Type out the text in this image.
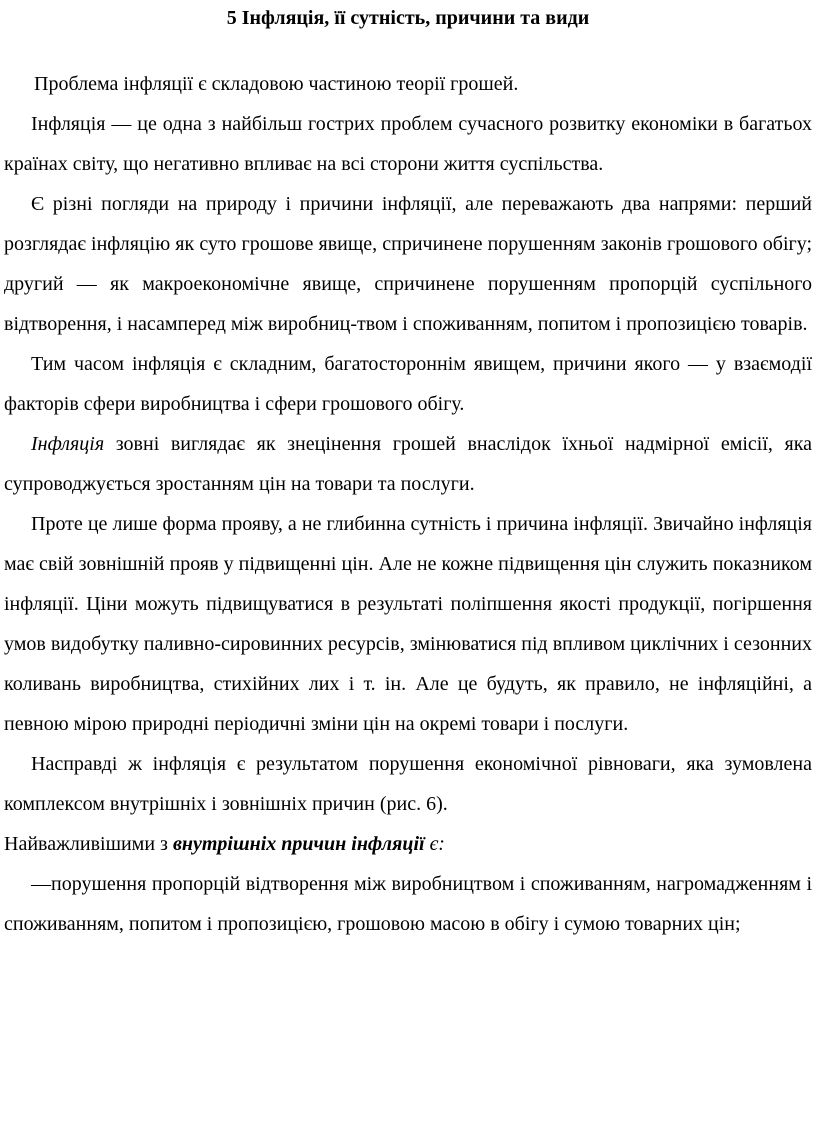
5 Інфляція, її сутність, причини та види

Проблема інфляції є складовою частиною теорії грошей.

Інфляція — це одна з найбільш гострих проблем сучасного розвитку економіки в багатьох країнах світу, що негативно впливає на всі сторони життя суспільства.

Є різні погляди на природу і причини інфляції, але переважають два напрями: перший розглядає інфляцію як суто грошове явище, спричинене порушенням законів грошового обігу; другий — як макроекономічне явище, спричинене порушенням пропорцій суспільного відтворення, і насамперед між виробниц-твом і споживанням, попитом і пропозицією товарів.

Тим часом інфляція є складним, багатостороннім явищем, причини якого — у взаємодії факторів сфери виробництва і сфери грошового обігу.

Інфляція зовні виглядає як знецінення грошей внаслідок їхньої надмірної емісії, яка супроводжується зростанням цін на товари та послуги.

Проте це лише форма прояву, а не глибинна сутність і причина інфляції. Звичайно інфляція має свій зовнішній прояв у підвищенні цін. Але не кожне підвищення цін служить показником інфляції. Ціни можуть підвищуватися в результаті поліпшення якості продукції, погіршення умов видобутку паливно-сировинних ресурсів, змінюватися під впливом циклічних і сезонних коливань виробництва, стихійних лих і т. ін. Але це будуть, як правило, не інфляційні, а певною мірою природні періодичні зміни цін на окремі товари і послуги.

Насправді ж інфляція є результатом порушення економічної рівноваги, яка зумовлена комплексом внутрішніх і зовнішніх причин (рис. 6).

Найважливішими з внутрішніх причин інфляції є:

—порушення пропорцій відтворення між виробництвом і споживанням, нагромадженням і споживанням, попитом і пропозицією, грошовою масою в обігу і сумою товарних цін;
